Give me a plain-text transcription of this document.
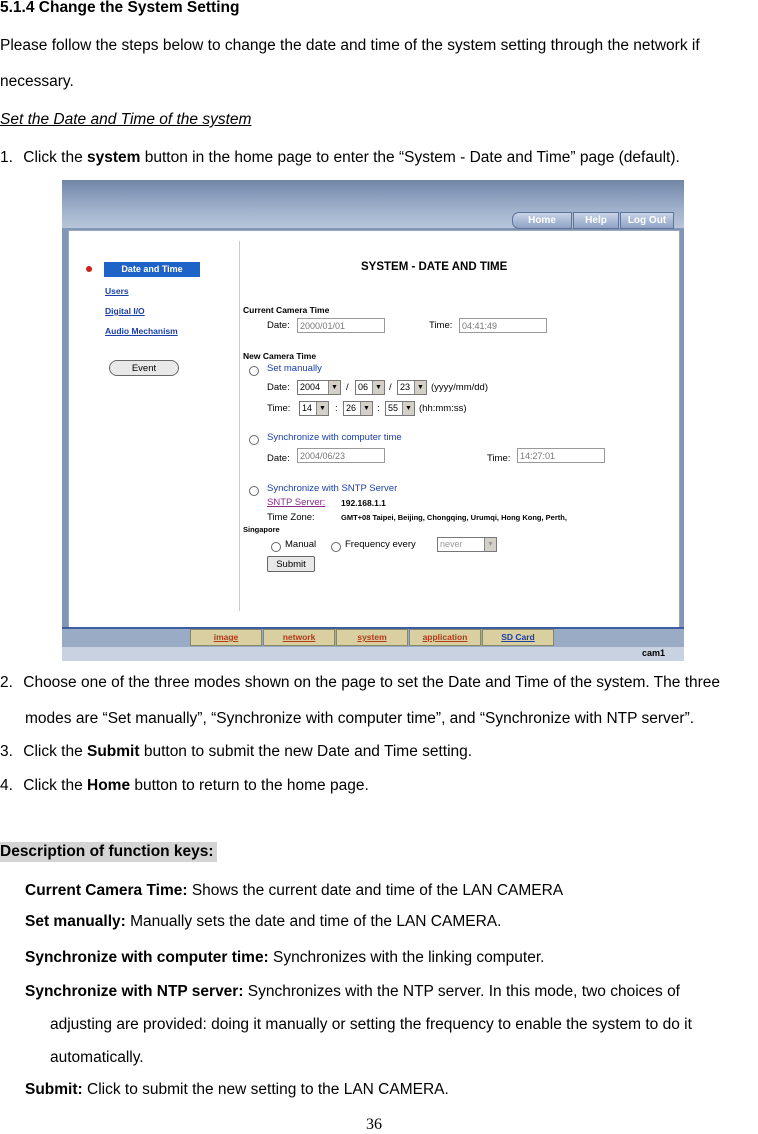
5.1.4 Change the System Setting
Please follow the steps below to change the date and time of the system setting through the network if
necessary.
Set the Date and Time of the system
1. Click the system button in the home page to enter the “System - Date and Time” page (default).
Home	Help	Log Out
Date and Time
Users
Digital I/O
Audio Mechanism
Event
SYSTEM - DATE AND TIME
Current Camera Time
Date:	2000/01/01	Time:	04:41:49
New Camera Time
Set manually
Date:	2004	▼ /	06	▼ / 23	▼ (yyyy/mm/dd)
Time:	14	▼ : 26	▼ : 55	▼ (hh:mm:ss)
Synchronize with computer time
Date:	2004/06/23	Time:	14:27:01
Synchronize with SNTP Server
SNTP Server: 192.168.1.1
Time Zone:	GMT+08 Taipei, Beijing, Chongqing, Urumqi, Hong Kong, Perth,
Singapore
Manual	Frequency every	never	▼
Submit
image	network	system	application	SD Card
cam1
2. Choose one of the three modes shown on the page to set the Date and Time of the system. The three
modes are “Set manually”, “Synchronize with computer time”, and “Synchronize with NTP server”.
3. Click the Submit button to submit the new Date and Time setting.
4. Click the Home button to return to the home page.
Description of function keys:
Current Camera Time: Shows the current date and time of the LAN CAMERA
Set manually: Manually sets the date and time of the LAN CAMERA.
Synchronize with computer time: Synchronizes with the linking computer.
Synchronize with NTP server: Synchronizes with the NTP server. In this mode, two choices of
adjusting are provided: doing it manually or setting the frequency to enable the system to do it
automatically.
Submit: Click to submit the new setting to the LAN CAMERA.
36
